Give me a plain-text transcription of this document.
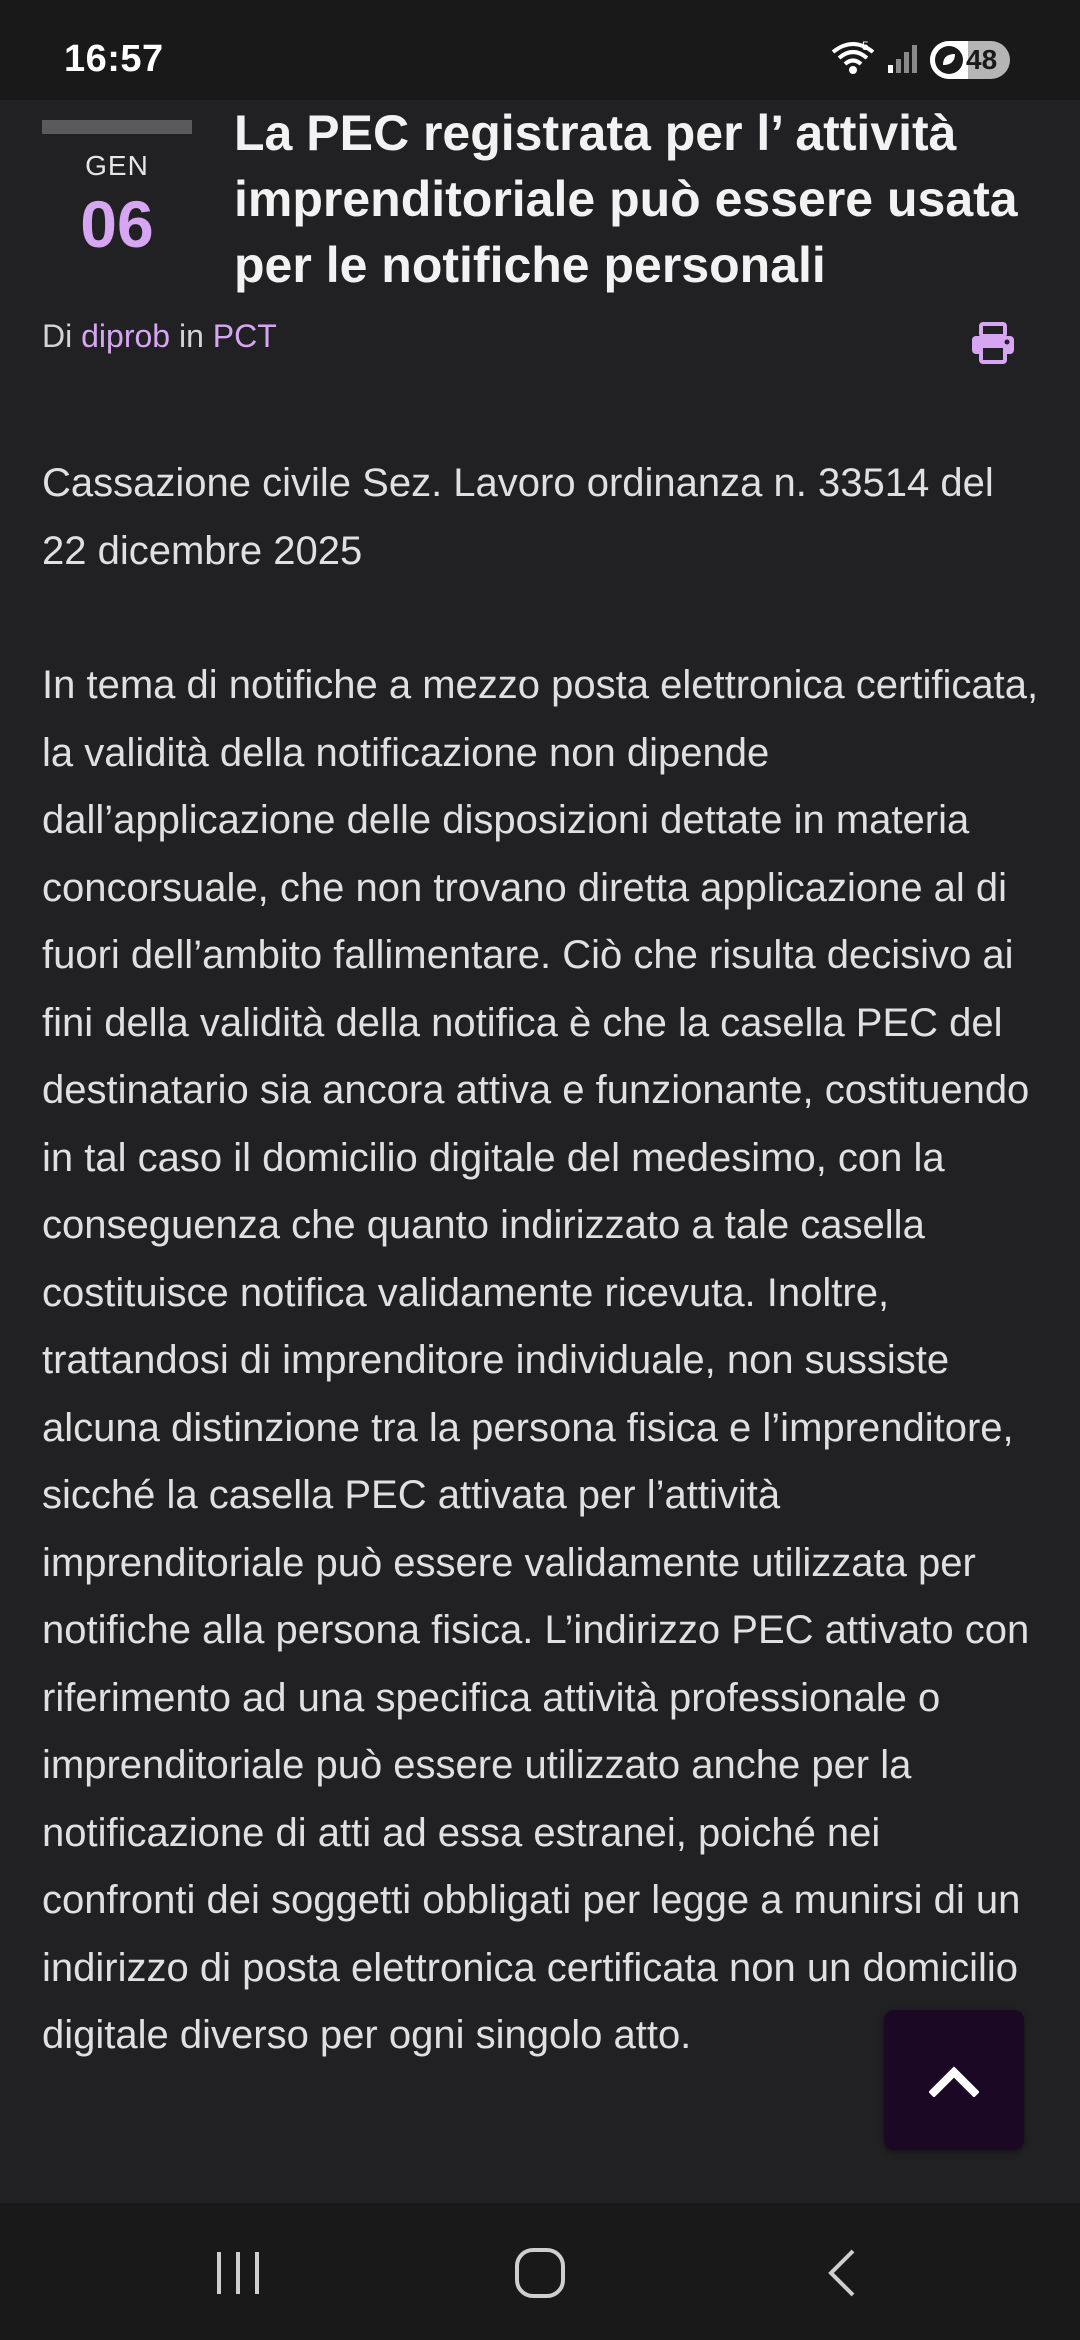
16:57	5	48
GEN
06
La PEC registrata per l’ attività imprenditoriale può essere usata per le notifiche personali
Di diprob in PCT

Cassazione civile Sez. Lavoro ordinanza n. 33514 del 22 dicembre 2025

In tema di notifiche a mezzo posta elettronica certificata, la validità della notificazione non dipende dall’applicazione delle disposizioni dettate in materia concorsuale, che non trovano diretta applicazione al di fuori dell’ambito fallimentare. Ciò che risulta decisivo ai fini della validità della notifica è che la casella PEC del destinatario sia ancora attiva e funzionante, costituendo in tal caso il domicilio digitale del medesimo, con la conseguenza che quanto indirizzato a tale casella costituisce notifica validamente ricevuta. Inoltre, trattandosi di imprenditore individuale, non sussiste alcuna distinzione tra la persona fisica e l’imprenditore, sicché la casella PEC attivata per l’attività imprenditoriale può essere validamente utilizzata per notifiche alla persona fisica. L’indirizzo PEC attivato con riferimento ad una specifica attività professionale o imprenditoriale può essere utilizzato anche per la notificazione di atti ad essa estranei, poiché nei confronti dei soggetti obbligati per legge a munirsi di un indirizzo di posta elettronica certificata non un domicilio digitale diverso per ogni singolo atto.
